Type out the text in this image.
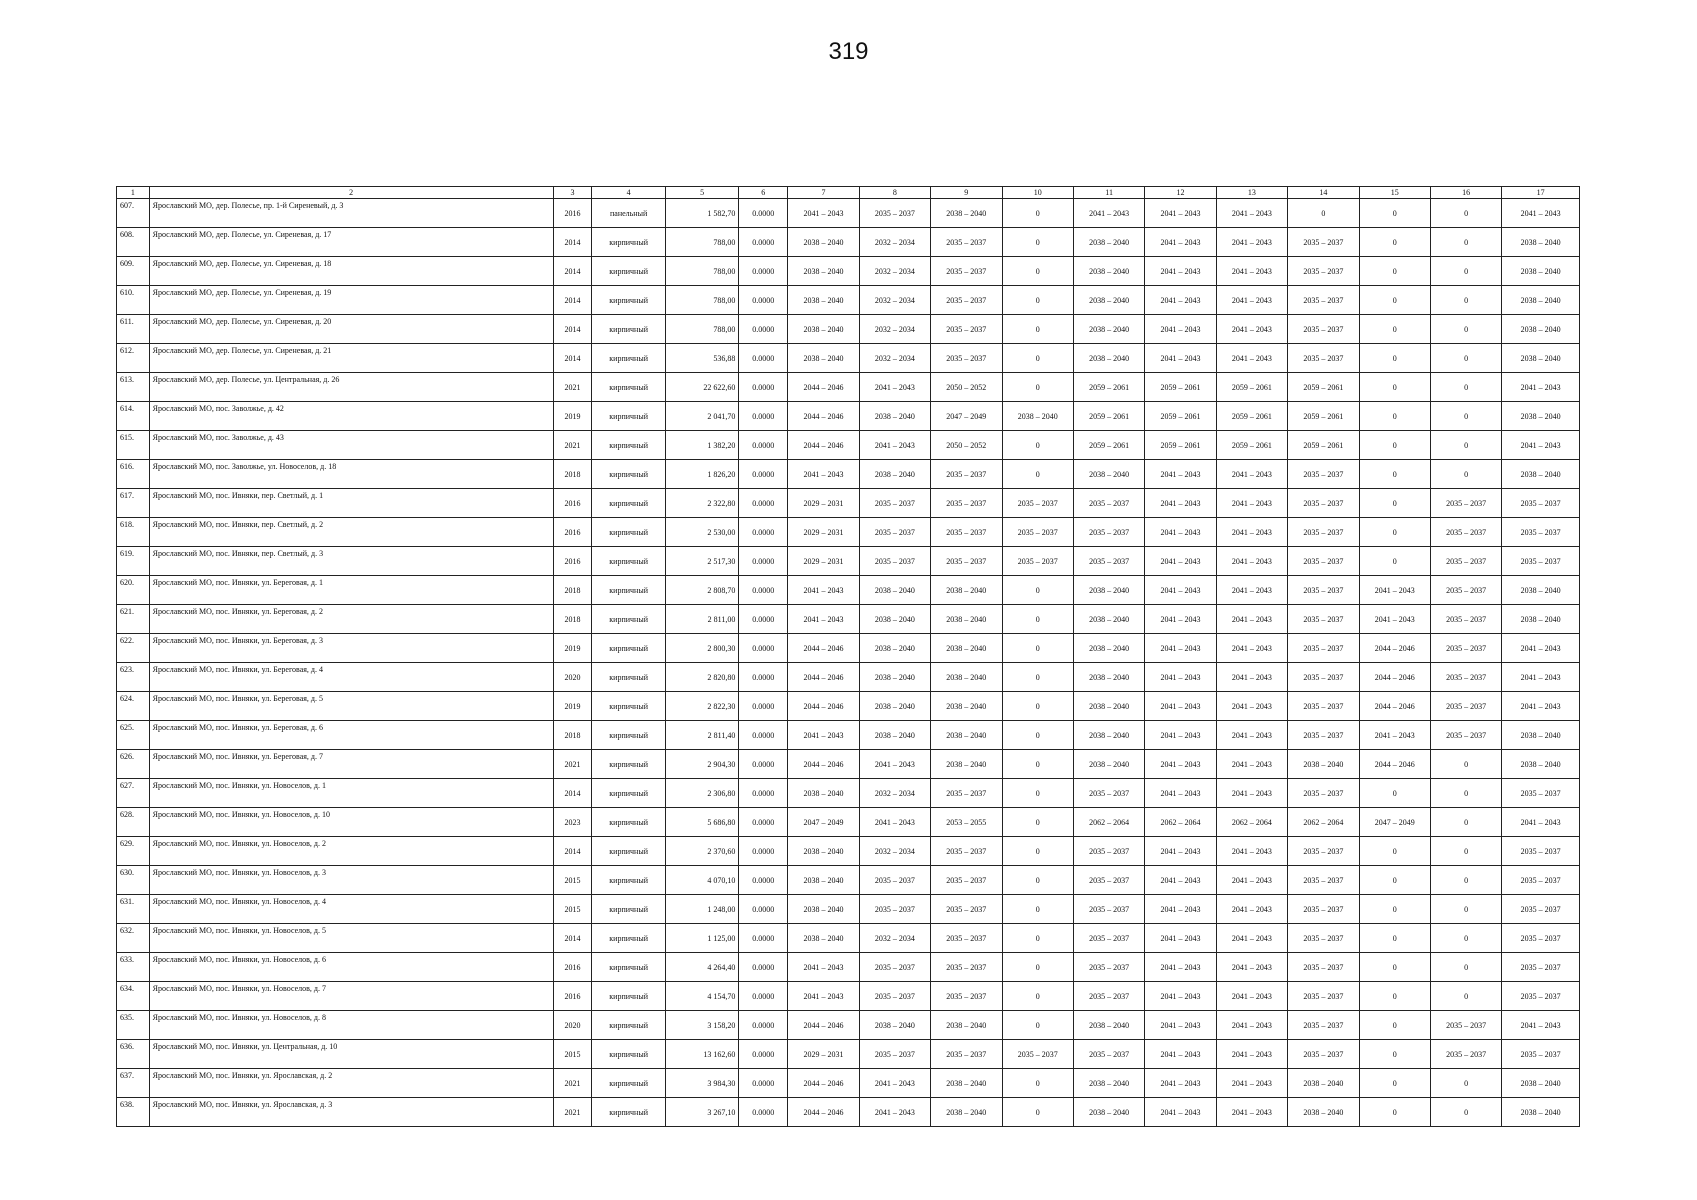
319
1	2	3	4	5	6	7	8	9	10	11	12	13	14	15	16	17
607.	Ярославский МО, дер. Полесье, пр. 1-й Сиреневый, д. 3	2016	панельный	1 582,70	0.0000	2041 – 2043	2035 – 2037	2038 – 2040	0	2041 – 2043	2041 – 2043	2041 – 2043	0	0	0	2041 – 2043
608.	Ярославский МО, дер. Полесье, ул. Сиреневая, д. 17	2014	кирпичный	788,00	0.0000	2038 – 2040	2032 – 2034	2035 – 2037	0	2038 – 2040	2041 – 2043	2041 – 2043	2035 – 2037	0	0	2038 – 2040
609.	Ярославский МО, дер. Полесье, ул. Сиреневая, д. 18	2014	кирпичный	788,00	0.0000	2038 – 2040	2032 – 2034	2035 – 2037	0	2038 – 2040	2041 – 2043	2041 – 2043	2035 – 2037	0	0	2038 – 2040
610.	Ярославский МО, дер. Полесье, ул. Сиреневая, д. 19	2014	кирпичный	788,00	0.0000	2038 – 2040	2032 – 2034	2035 – 2037	0	2038 – 2040	2041 – 2043	2041 – 2043	2035 – 2037	0	0	2038 – 2040
611.	Ярославский МО, дер. Полесье, ул. Сиреневая, д. 20	2014	кирпичный	788,00	0.0000	2038 – 2040	2032 – 2034	2035 – 2037	0	2038 – 2040	2041 – 2043	2041 – 2043	2035 – 2037	0	0	2038 – 2040
612.	Ярославский МО, дер. Полесье, ул. Сиреневая, д. 21	2014	кирпичный	536,88	0.0000	2038 – 2040	2032 – 2034	2035 – 2037	0	2038 – 2040	2041 – 2043	2041 – 2043	2035 – 2037	0	0	2038 – 2040
613.	Ярославский МО, дер. Полесье, ул. Центральная, д. 26	2021	кирпичный	22 622,60	0.0000	2044 – 2046	2041 – 2043	2050 – 2052	0	2059 – 2061	2059 – 2061	2059 – 2061	2059 – 2061	0	0	2041 – 2043
614.	Ярославский МО, пос. Заволжье, д. 42	2019	кирпичный	2 041,70	0.0000	2044 – 2046	2038 – 2040	2047 – 2049	2038 – 2040	2059 – 2061	2059 – 2061	2059 – 2061	2059 – 2061	0	0	2038 – 2040
615.	Ярославский МО, пос. Заволжье, д. 43	2021	кирпичный	1 382,20	0.0000	2044 – 2046	2041 – 2043	2050 – 2052	0	2059 – 2061	2059 – 2061	2059 – 2061	2059 – 2061	0	0	2041 – 2043
616.	Ярославский МО, пос. Заволжье, ул. Новоселов, д. 18	2018	кирпичный	1 826,20	0.0000	2041 – 2043	2038 – 2040	2035 – 2037	0	2038 – 2040	2041 – 2043	2041 – 2043	2035 – 2037	0	0	2038 – 2040
617.	Ярославский МО, пос. Ивняки, пер. Светлый, д. 1	2016	кирпичный	2 322,80	0.0000	2029 – 2031	2035 – 2037	2035 – 2037	2035 – 2037	2035 – 2037	2041 – 2043	2041 – 2043	2035 – 2037	0	2035 – 2037	2035 – 2037
618.	Ярославский МО, пос. Ивняки, пер. Светлый, д. 2	2016	кирпичный	2 530,00	0.0000	2029 – 2031	2035 – 2037	2035 – 2037	2035 – 2037	2035 – 2037	2041 – 2043	2041 – 2043	2035 – 2037	0	2035 – 2037	2035 – 2037
619.	Ярославский МО, пос. Ивняки, пер. Светлый, д. 3	2016	кирпичный	2 517,30	0.0000	2029 – 2031	2035 – 2037	2035 – 2037	2035 – 2037	2035 – 2037	2041 – 2043	2041 – 2043	2035 – 2037	0	2035 – 2037	2035 – 2037
620.	Ярославский МО, пос. Ивняки, ул. Береговая, д. 1	2018	кирпичный	2 808,70	0.0000	2041 – 2043	2038 – 2040	2038 – 2040	0	2038 – 2040	2041 – 2043	2041 – 2043	2035 – 2037	2041 – 2043	2035 – 2037	2038 – 2040
621.	Ярославский МО, пос. Ивняки, ул. Береговая, д. 2	2018	кирпичный	2 811,00	0.0000	2041 – 2043	2038 – 2040	2038 – 2040	0	2038 – 2040	2041 – 2043	2041 – 2043	2035 – 2037	2041 – 2043	2035 – 2037	2038 – 2040
622.	Ярославский МО, пос. Ивняки, ул. Береговая, д. 3	2019	кирпичный	2 800,30	0.0000	2044 – 2046	2038 – 2040	2038 – 2040	0	2038 – 2040	2041 – 2043	2041 – 2043	2035 – 2037	2044 – 2046	2035 – 2037	2041 – 2043
623.	Ярославский МО, пос. Ивняки, ул. Береговая, д. 4	2020	кирпичный	2 820,80	0.0000	2044 – 2046	2038 – 2040	2038 – 2040	0	2038 – 2040	2041 – 2043	2041 – 2043	2035 – 2037	2044 – 2046	2035 – 2037	2041 – 2043
624.	Ярославский МО, пос. Ивняки, ул. Береговая, д. 5	2019	кирпичный	2 822,30	0.0000	2044 – 2046	2038 – 2040	2038 – 2040	0	2038 – 2040	2041 – 2043	2041 – 2043	2035 – 2037	2044 – 2046	2035 – 2037	2041 – 2043
625.	Ярославский МО, пос. Ивняки, ул. Береговая, д. 6	2018	кирпичный	2 811,40	0.0000	2041 – 2043	2038 – 2040	2038 – 2040	0	2038 – 2040	2041 – 2043	2041 – 2043	2035 – 2037	2041 – 2043	2035 – 2037	2038 – 2040
626.	Ярославский МО, пос. Ивняки, ул. Береговая, д. 7	2021	кирпичный	2 904,30	0.0000	2044 – 2046	2041 – 2043	2038 – 2040	0	2038 – 2040	2041 – 2043	2041 – 2043	2038 – 2040	2044 – 2046	0	2038 – 2040
627.	Ярославский МО, пос. Ивняки, ул. Новоселов, д. 1	2014	кирпичный	2 306,80	0.0000	2038 – 2040	2032 – 2034	2035 – 2037	0	2035 – 2037	2041 – 2043	2041 – 2043	2035 – 2037	0	0	2035 – 2037
628.	Ярославский МО, пос. Ивняки, ул. Новоселов, д. 10	2023	кирпичный	5 686,80	0.0000	2047 – 2049	2041 – 2043	2053 – 2055	0	2062 – 2064	2062 – 2064	2062 – 2064	2062 – 2064	2047 – 2049	0	2041 – 2043
629.	Ярославский МО, пос. Ивняки, ул. Новоселов, д. 2	2014	кирпичный	2 370,60	0.0000	2038 – 2040	2032 – 2034	2035 – 2037	0	2035 – 2037	2041 – 2043	2041 – 2043	2035 – 2037	0	0	2035 – 2037
630.	Ярославский МО, пос. Ивняки, ул. Новоселов, д. 3	2015	кирпичный	4 070,10	0.0000	2038 – 2040	2035 – 2037	2035 – 2037	0	2035 – 2037	2041 – 2043	2041 – 2043	2035 – 2037	0	0	2035 – 2037
631.	Ярославский МО, пос. Ивняки, ул. Новоселов, д. 4	2015	кирпичный	1 248,00	0.0000	2038 – 2040	2035 – 2037	2035 – 2037	0	2035 – 2037	2041 – 2043	2041 – 2043	2035 – 2037	0	0	2035 – 2037
632.	Ярославский МО, пос. Ивняки, ул. Новоселов, д. 5	2014	кирпичный	1 125,00	0.0000	2038 – 2040	2032 – 2034	2035 – 2037	0	2035 – 2037	2041 – 2043	2041 – 2043	2035 – 2037	0	0	2035 – 2037
633.	Ярославский МО, пос. Ивняки, ул. Новоселов, д. 6	2016	кирпичный	4 264,40	0.0000	2041 – 2043	2035 – 2037	2035 – 2037	0	2035 – 2037	2041 – 2043	2041 – 2043	2035 – 2037	0	0	2035 – 2037
634.	Ярославский МО, пос. Ивняки, ул. Новоселов, д. 7	2016	кирпичный	4 154,70	0.0000	2041 – 2043	2035 – 2037	2035 – 2037	0	2035 – 2037	2041 – 2043	2041 – 2043	2035 – 2037	0	0	2035 – 2037
635.	Ярославский МО, пос. Ивняки, ул. Новоселов, д. 8	2020	кирпичный	3 158,20	0.0000	2044 – 2046	2038 – 2040	2038 – 2040	0	2038 – 2040	2041 – 2043	2041 – 2043	2035 – 2037	0	2035 – 2037	2041 – 2043
636.	Ярославский МО, пос. Ивняки, ул. Центральная, д. 10	2015	кирпичный	13 162,60	0.0000	2029 – 2031	2035 – 2037	2035 – 2037	2035 – 2037	2035 – 2037	2041 – 2043	2041 – 2043	2035 – 2037	0	2035 – 2037	2035 – 2037
637.	Ярославский МО, пос. Ивняки, ул. Ярославская, д. 2	2021	кирпичный	3 984,30	0.0000	2044 – 2046	2041 – 2043	2038 – 2040	0	2038 – 2040	2041 – 2043	2041 – 2043	2038 – 2040	0	0	2038 – 2040
638.	Ярославский МО, пос. Ивняки, ул. Ярославская, д. 3	2021	кирпичный	3 267,10	0.0000	2044 – 2046	2041 – 2043	2038 – 2040	0	2038 – 2040	2041 – 2043	2041 – 2043	2038 – 2040	0	0	2038 – 2040
